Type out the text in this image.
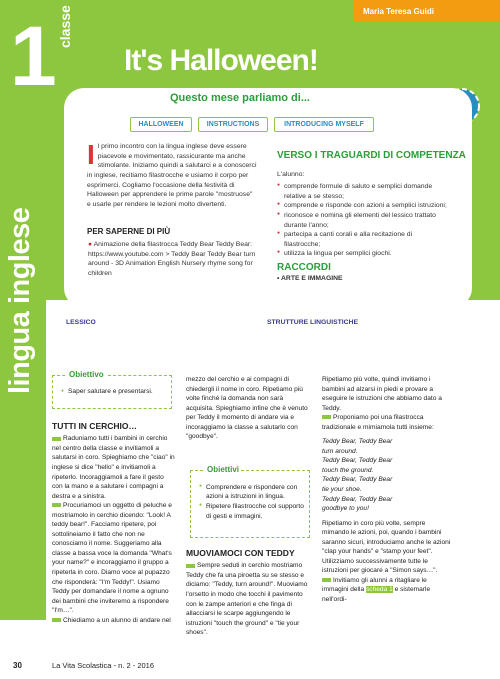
1 classe
lingua inglese
Maria Teresa Guidi
It's Halloween!
Questo mese parliamo di...
HALLOWEEN	INSTRUCTIONS	INTRODUCING MYSELF
I l primo incontro con la lingua inglese deve essere piacevole e movimentato, rassicurante ma anche stimolante. Iniziamo quindi a salutarci e a conoscerci in inglese, recitiamo filastrocche e usiamo il corpo per esprimerci. Cogliamo l'occasione della festività di Halloween per apprendere le prime parole "mostruose" e usarle per rendere le lezioni molto divertenti.
PER SAPERNE DI PIÙ
● Animazione della filastrocca Teddy Bear Teddy Bear: https://www.youtube.com > Teddy Bear Teddy Bear turn around - 3D Animation English Nursery rhyme song for children
VERSO I TRAGUARDI DI COMPETENZA
L'alunno:
● comprende formule di saluto e semplici domande relative a se stesso;
● comprende e risponde con azioni a semplici istruzioni;
● riconosce e nomina gli elementi del lessico trattato durante l'anno;
● partecipa a canti corali e alla recitazione di filastrocche;
● utilizza la lingua per semplici giochi.
RACCORDI
• ARTE E IMMAGINE
LESSICO • Teddy Bear, hands, shoe, feet…; Halloween, ghost, spider, witch, bat, Jack o' Lantern.
STRUTTURE LINGUISTICHE • Hello! I'm…; What's your name? Clap your hands, touch the ground/floor, stamp your feet, tie your shoes.
Obiettivo
● Saper salutare e presentarsi.
TUTTI IN CERCHIO…

Raduniamo tutti i bambini in cerchio nel centro della classe e invitiamoli a salutarsi in coro. Spieghiamo che "ciao" in inglese si dice "hello" e invitiamoli a ripeterlo. Incoraggiamoli a fare il gesto con la mano e a salutare i compagni a destra e a sinistra.

Procuriamoci un oggetto di peluche e mostriamolo in cerchio dicendo: "Look! A teddy bear!". Facciamo ripetere, poi sottolineiamo il fatto che non ne conosciamo il nome. Suggeriamo alla classe a bassa voce la domanda "What's your name?" e incoraggiamo il gruppo a ripeterla in coro. Diamo voce al pupazzo che risponderà: "I'm Teddy!". Usiamo Teddy per domandare il nome a ognuno dei bambini che inviteremo a rispondere "I'm…".

Chiediamo a un alunno di andare nel

mezzo del cerchio e ai compagni di chiedergli il nome in coro. Ripetiamo più volte finché la domanda non sarà acquisita. Spieghiamo infine che è venuto per Teddy il momento di andare via e incoraggiamo la classe a salutarlo con "goodbye".

Obiettivi
● Comprendere e rispondere con azioni a istruzioni in lingua.
● Ripetere filastrocche col supporto di gesti e immagini.
MUOVIAMOCI CON TEDDY

Sempre seduti in cerchio mostriamo Teddy che fa una piroetta su se stesso e diciamo: "Teddy, turn around!". Muoviamo l'orsetto in modo che tocchi il pavimento con le zampe anteriori e che finga di allacciarsi le scarpe aggiungendo le istruzioni "touch the ground" e "tie your shoes".

Ripetiamo più volte, quindi invitiamo i bambini ad alzarsi in piedi e provare a eseguire le istruzioni che abbiamo dato a Teddy.

Proponiamo poi una filastrocca tradizionale e mimiamola tutti insieme:

Teddy Bear, Teddy Bear
turn around.
Teddy Bear, Teddy Bear
touch the ground.
Teddy Bear, Teddy Bear
tie your shoe.
Teddy Bear, Teddy Bear
goodbye to you!

Ripetiamo in coro più volte, sempre mimando le azioni, poi, quando i bambini saranno sicuri, introduciamo anche le azioni "clap your hands" e "stamp your feet". Utilizziamo successivamente tutte le istruzioni per giocare a "Simon says…".

Invitiamo gli alunni a ritagliare le immagini della scheda 1 e sistemarle nell'ordi-

30	La Vita Scolastica - n. 2 - 2016
